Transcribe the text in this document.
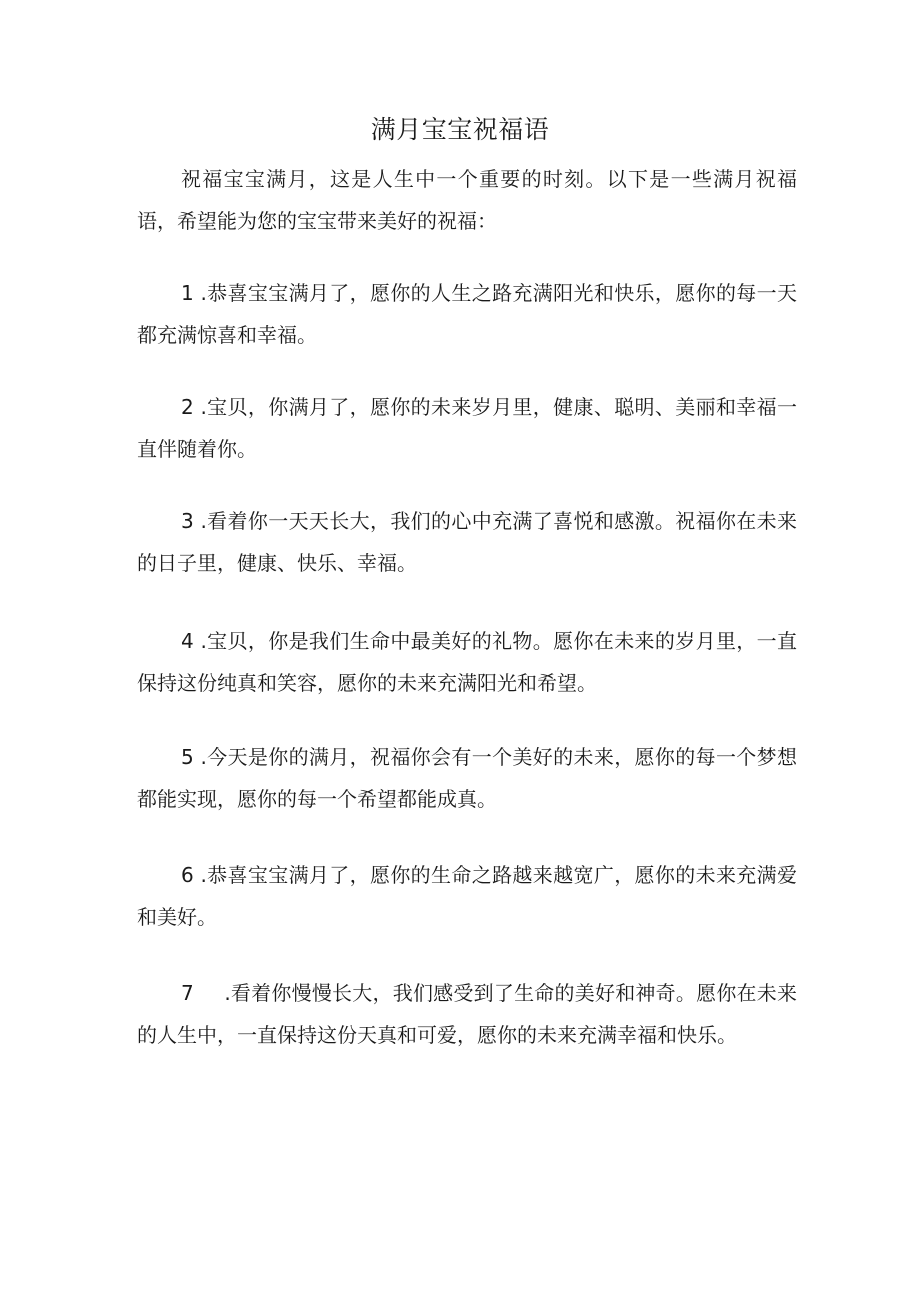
满月宝宝祝福语

祝福宝宝满月，这是人生中一个重要的时刻。以下是一些满月祝福语，希望能为您的宝宝带来美好的祝福：

1 .恭喜宝宝满月了，愿你的人生之路充满阳光和快乐，愿你的每一天都充满惊喜和幸福。

2 .宝贝，你满月了，愿你的未来岁月里，健康、聪明、美丽和幸福一直伴随着你。

3 .看着你一天天长大，我们的心中充满了喜悦和感激。祝福你在未来的日子里，健康、快乐、幸福。

4 .宝贝，你是我们生命中最美好的礼物。愿你在未来的岁月里，一直保持这份纯真和笑容，愿你的未来充满阳光和希望。

5 .今天是你的满月，祝福你会有一个美好的未来，愿你的每一个梦想都能实现，愿你的每一个希望都能成真。

6 .恭喜宝宝满月了，愿你的生命之路越来越宽广，愿你的未来充满爱和美好。

7 .看着你慢慢长大，我们感受到了生命的美好和神奇。愿你在未来的人生中，一直保持这份天真和可爱，愿你的未来充满幸福和快乐。
